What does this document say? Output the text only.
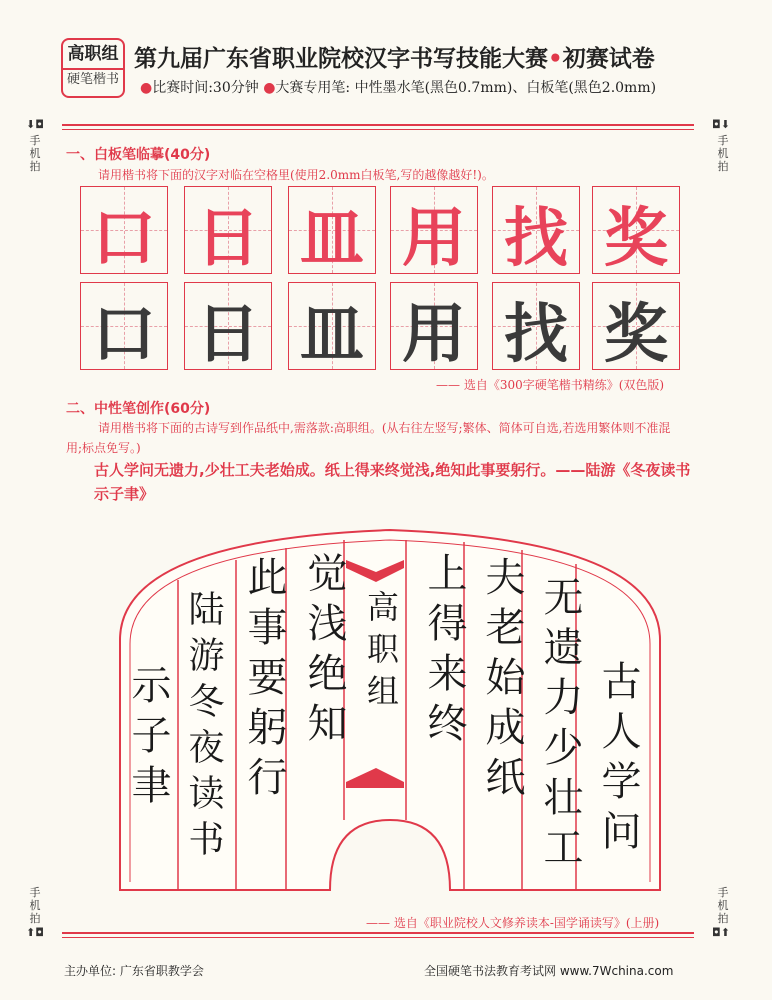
高职组
硬笔楷书
第九届广东省职业院校汉字书写技能大赛•初赛试卷
●比赛时间:30分钟 ●大赛专用笔: 中性墨水笔(黑色0.7mm)、白板笔(黑色2.0mm)
⬇◘
手机拍
◘⬇
手机拍
手机拍
⬆◘
手机拍
◘⬆
一、白板笔临摹(40分)
请用楷书将下面的汉字对临在空格里(使用2.0mm白板笔,写的越像越好!)。
口 日 皿 用 找 奖
口 日 皿 用 找 奖
—— 选自《300字硬笔楷书精练》(双色版)
二、中性笔创作(60分)
请用楷书将下面的古诗写到作品纸中,需落款:高职组。(从右往左竖写;繁体、简体可自选,若选用繁体则不准混用;标点免写。)
古人学问无遗力,少壮工夫老始成。纸上得来终觉浅,绝知此事要躬行。——陆游《冬夜读书示子聿》
古人学问
无遗力少壮工
夫老始成纸
上得来终
高职组
觉浅绝知
此事要躬行
陆游冬夜读书
示子聿
—— 选自《职业院校人文修养读本-国学诵读写》(上册)
主办单位: 广东省职教学会	全国硬笔书法教育考试网 www.7Wchina.com
